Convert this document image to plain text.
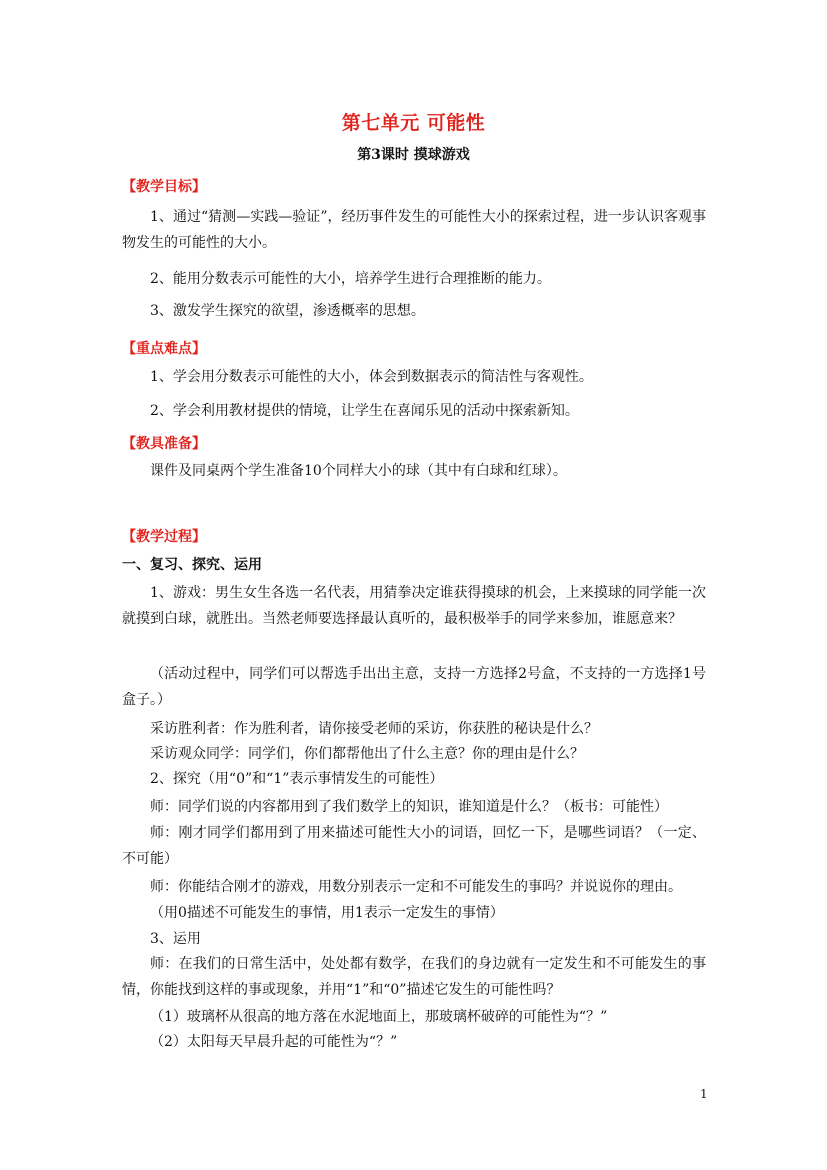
第七单元 可能性
第3课时 摸球游戏
【教学目标】
1、通过“猜测—实践—验证”，经历事件发生的可能性大小的探索过程，进一步认识客观事物发生的可能性的大小。
2、能用分数表示可能性的大小，培养学生进行合理推断的能力。
3、激发学生探究的欲望，渗透概率的思想。
【重点难点】
1、学会用分数表示可能性的大小，体会到数据表示的简洁性与客观性。
2、学会利用教材提供的情境，让学生在喜闻乐见的活动中探索新知。
【教具准备】
课件及同桌两个学生准备10个同样大小的球（其中有白球和红球）。
【教学过程】
一、复习、探究、运用
1、游戏：男生女生各选一名代表，用猜拳决定谁获得摸球的机会，上来摸球的同学能一次就摸到白球，就胜出。当然老师要选择最认真听的，最积极举手的同学来参加，谁愿意来？
（活动过程中，同学们可以帮选手出出主意，支持一方选择2号盒，不支持的一方选择1号盒子。）
采访胜利者：作为胜利者，请你接受老师的采访，你获胜的秘诀是什么？
采访观众同学：同学们，你们都帮他出了什么主意？你的理由是什么？
2、探究（用“0”和“1”表示事情发生的可能性）
师：同学们说的内容都用到了我们数学上的知识，谁知道是什么？（板书：可能性）
师：刚才同学们都用到了用来描述可能性大小的词语，回忆一下，是哪些词语？（一定、不可能）
师：你能结合刚才的游戏，用数分别表示一定和不可能发生的事吗？并说说你的理由。
（用0描述不可能发生的事情，用1表示一定发生的事情）
3、运用
师：在我们的日常生活中，处处都有数学，在我们的身边就有一定发生和不可能发生的事情，你能找到这样的事或现象，并用“1”和“0”描述它发生的可能性吗？
（1）玻璃杯从很高的地方落在水泥地面上，那玻璃杯破碎的可能性为“？”
（2）太阳每天早晨升起的可能性为“？”
1
